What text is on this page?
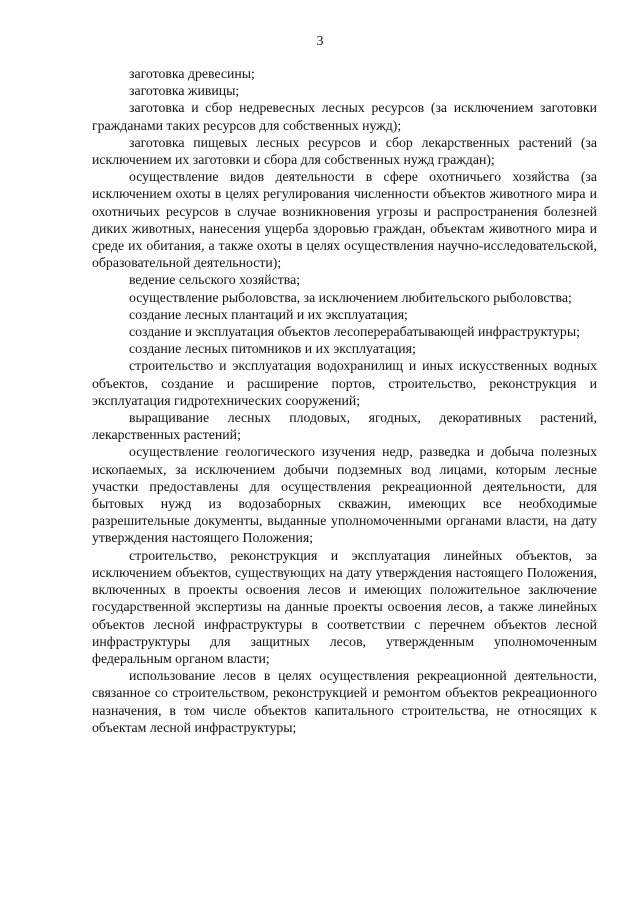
3

заготовка древесины;

заготовка живицы;

заготовка и сбор недревесных лесных ресурсов (за исключением заготовки гражданами таких ресурсов для собственных нужд);

заготовка пищевых лесных ресурсов и сбор лекарственных растений (за исключением их заготовки и сбора для собственных нужд граждан);

осуществление видов деятельности в сфере охотничьего хозяйства (за исключением охоты в целях регулирования численности объектов животного мира и охотничьих ресурсов в случае возникновения угрозы и распространения болезней диких животных, нанесения ущерба здоровью граждан, объектам животного мира и среде их обитания, а также охоты в целях осуществления научно-исследовательской, образовательной деятельности);

ведение сельского хозяйства;

осуществление рыболовства, за исключением любительского рыболовства;

создание лесных плантаций и их эксплуатация;

создание и эксплуатация объектов лесоперерабатывающей инфраструктуры;

создание лесных питомников и их эксплуатация;

строительство и эксплуатация водохранилищ и иных искусственных водных объектов, создание и расширение портов, строительство, реконструкция и эксплуатация гидротехнических сооружений;

выращивание лесных плодовых, ягодных, декоративных растений, лекарственных растений;

осуществление геологического изучения недр, разведка и добыча полезных ископаемых, за исключением добычи подземных вод лицами, которым лесные участки предоставлены для осуществления рекреационной деятельности, для бытовых нужд из водозаборных скважин, имеющих все необходимые разрешительные документы, выданные уполномоченными органами власти, на дату утверждения настоящего Положения;

строительство, реконструкция и эксплуатация линейных объектов, за исключением объектов, существующих на дату утверждения настоящего Положения, включенных в проекты освоения лесов и имеющих положительное заключение государственной экспертизы на данные проекты освоения лесов, а также линейных объектов лесной инфраструктуры в соответствии с перечнем объектов лесной инфраструктуры для защитных лесов, утвержденным уполномоченным федеральным органом власти;

использование лесов в целях осуществления рекреационной деятельности, связанное со строительством, реконструкцией и ремонтом объектов рекреационного назначения, в том числе объектов капитального строительства, не относящих к объектам лесной инфраструктуры;
